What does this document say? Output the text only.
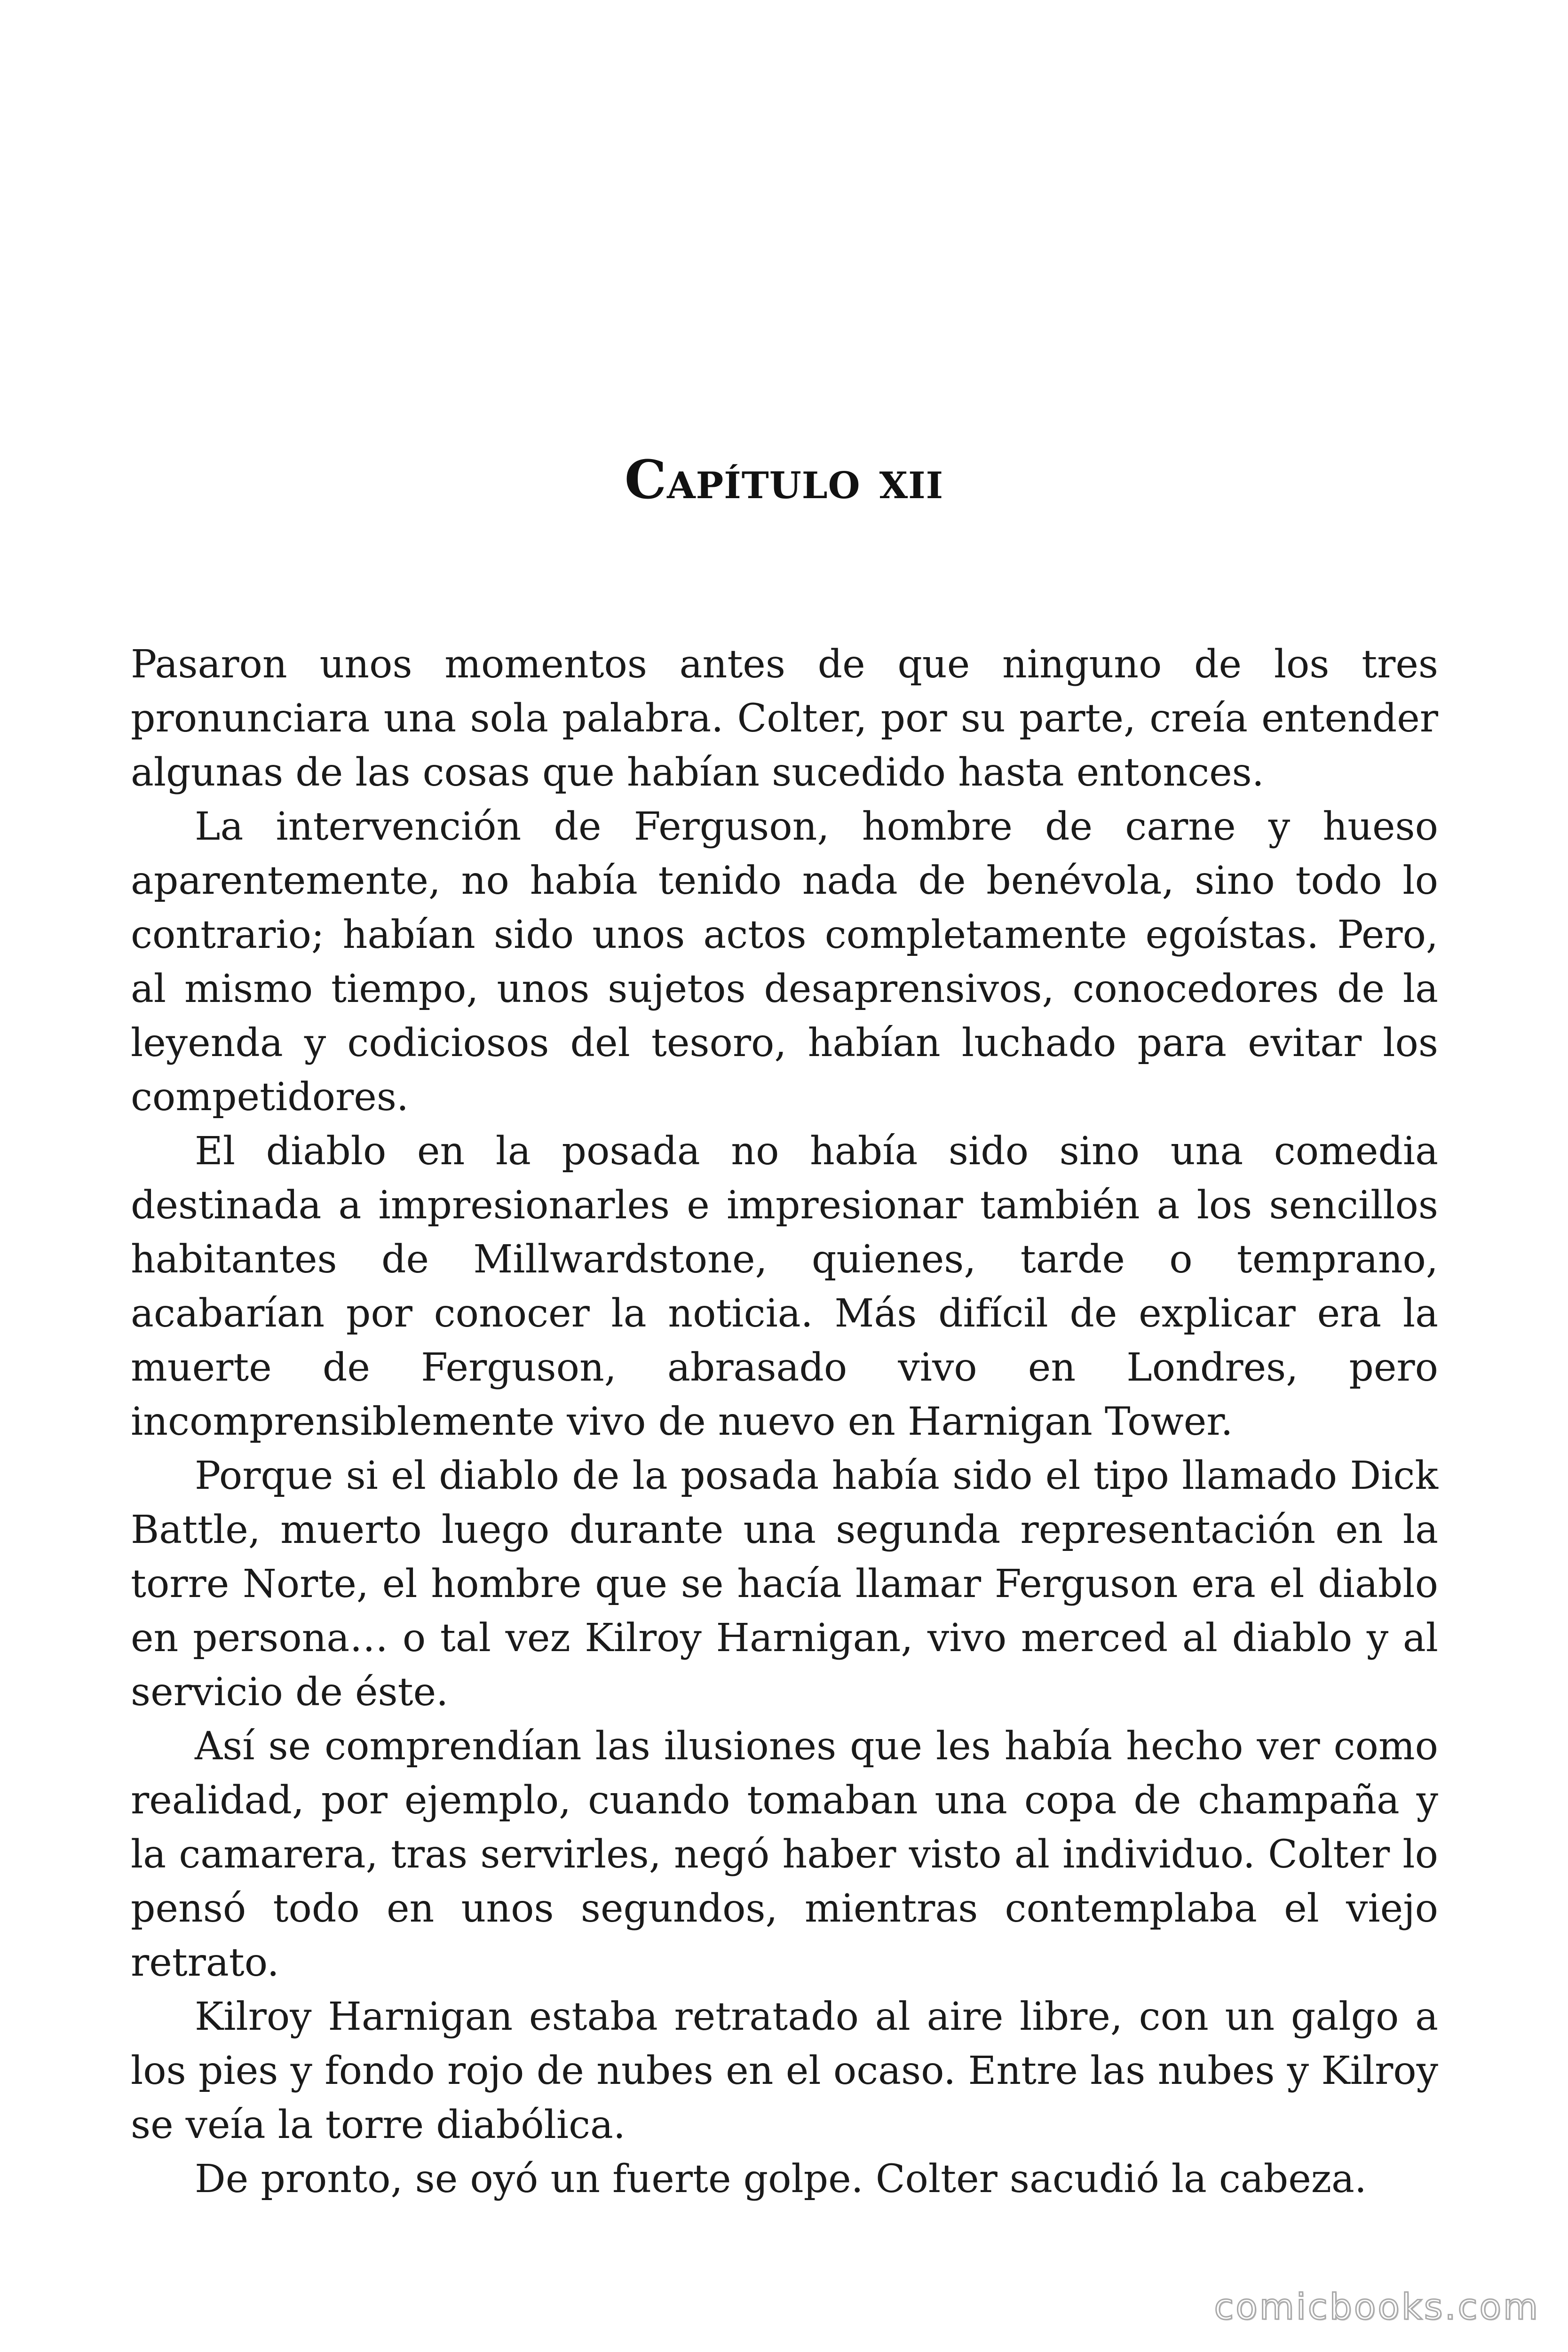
Capítulo xii

Pasaron unos momentos antes de que ninguno de los tres pronunciara una sola palabra. Colter, por su parte, creía entender algunas de las cosas que habían sucedido hasta entonces.

La intervención de Ferguson, hombre de carne y hueso aparentemente, no había tenido nada de benévola, sino todo lo contrario; habían sido unos actos completamente egoístas. Pero, al mismo tiempo, unos sujetos desaprensivos, conocedores de la leyenda y codiciosos del tesoro, habían luchado para evitar los competidores.

El diablo en la posada no había sido sino una comedia destinada a impresionarles e impresionar también a los sencillos habitantes de Millwardstone, quienes, tarde o temprano, acabarían por conocer la noticia. Más difícil de explicar era la muerte de Ferguson, abrasado vivo en Londres, pero incomprensiblemente vivo de nuevo en Harnigan Tower.

Porque si el diablo de la posada había sido el tipo llamado Dick Battle, muerto luego durante una segunda representación en la torre Norte, el hombre que se hacía llamar Ferguson era el diablo en persona… o tal vez Kilroy Harnigan, vivo merced al diablo y al servicio de éste.

Así se comprendían las ilusiones que les había hecho ver como realidad, por ejemplo, cuando tomaban una copa de champaña y la camarera, tras servirles, negó haber visto al individuo. Colter lo pensó todo en unos segundos, mientras contemplaba el viejo retrato.

Kilroy Harnigan estaba retratado al aire libre, con un galgo a los pies y fondo rojo de nubes en el ocaso. Entre las nubes y Kilroy se veía la torre diabólica.

De pronto, se oyó un fuerte golpe. Colter sacudió la cabeza.

comicbooks.com
